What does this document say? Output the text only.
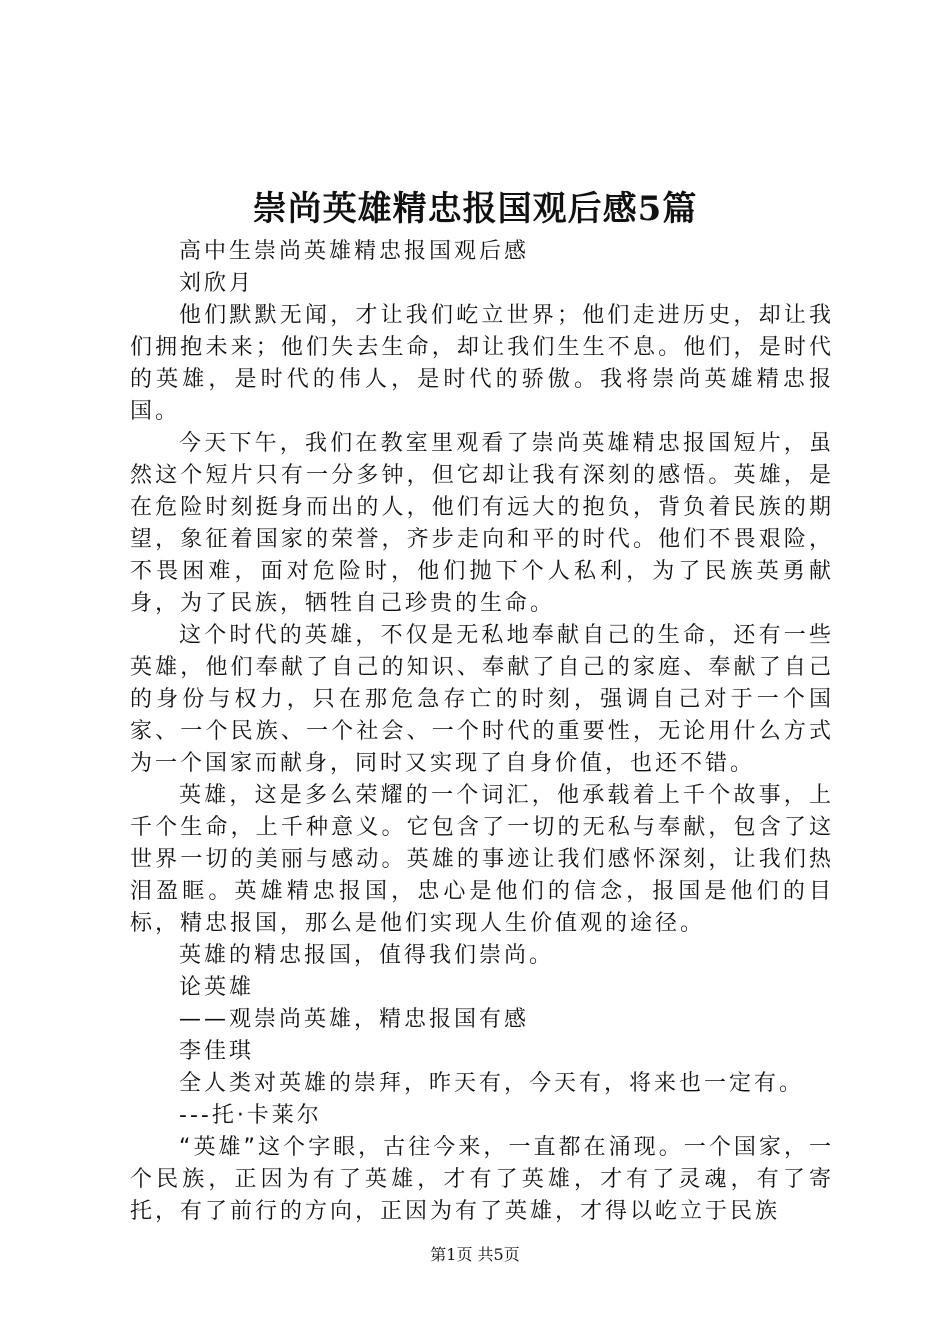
崇尚英雄精忠报国观后感5篇

高中生崇尚英雄精忠报国观后感

刘欣月

他们默默无闻，才让我们屹立世界；他们走进历史，却让我们拥抱未来；他们失去生命，却让我们生生不息。他们，是时代的英雄，是时代的伟人，是时代的骄傲。我将崇尚英雄精忠报国。

今天下午，我们在教室里观看了崇尚英雄精忠报国短片，虽然这个短片只有一分多钟，但它却让我有深刻的感悟。英雄，是在危险时刻挺身而出的人，他们有远大的抱负，背负着民族的期望，象征着国家的荣誉，齐步走向和平的时代。他们不畏艰险，不畏困难，面对危险时，他们抛下个人私利，为了民族英勇献身，为了民族，牺牲自己珍贵的生命。

这个时代的英雄，不仅是无私地奉献自己的生命，还有一些英雄，他们奉献了自己的知识、奉献了自己的家庭、奉献了自己的身份与权力，只在那危急存亡的时刻，强调自己对于一个国家、一个民族、一个社会、一个时代的重要性，无论用什么方式为一个国家而献身，同时又实现了自身价值，也还不错。

英雄，这是多么荣耀的一个词汇，他承载着上千个故事，上千个生命，上千种意义。它包含了一切的无私与奉献，包含了这世界一切的美丽与感动。英雄的事迹让我们感怀深刻，让我们热泪盈眶。英雄精忠报国，忠心是他们的信念，报国是他们的目标，精忠报国，那么是他们实现人生价值观的途径。

英雄的精忠报国，值得我们崇尚。

论英雄

——观崇尚英雄，精忠报国有感

李佳琪

全人类对英雄的崇拜，昨天有，今天有，将来也一定有。

---托·卡莱尔

“英雄”这个字眼，古往今来，一直都在涌现。一个国家，一个民族，正因为有了英雄，才有了英雄，才有了灵魂，有了寄托，有了前行的方向，正因为有了英雄，才得以屹立于民族

第1页 共5页
